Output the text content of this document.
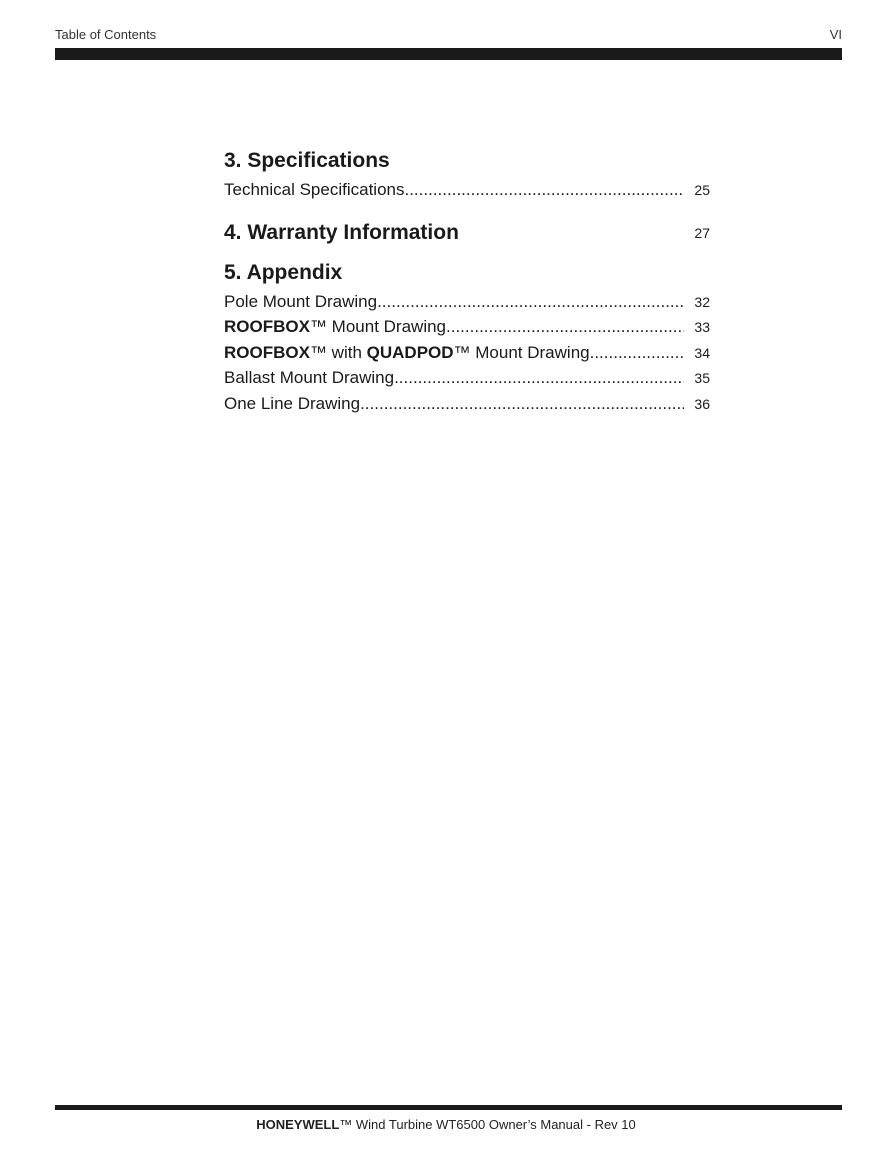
Table of Contents	VI
3. Specifications
Technical Specifications .....	25
4. Warranty Information	27
5. Appendix
Pole Mount Drawing .....	32
ROOFBOX™ Mount Drawing .....	33
ROOFBOX™ with QUADPOD™ Mount Drawing .....	34
Ballast Mount Drawing .....	35
One Line Drawing .....	36
HONEYWELL™ Wind Turbine WT6500 Owner’s Manual - Rev 10
